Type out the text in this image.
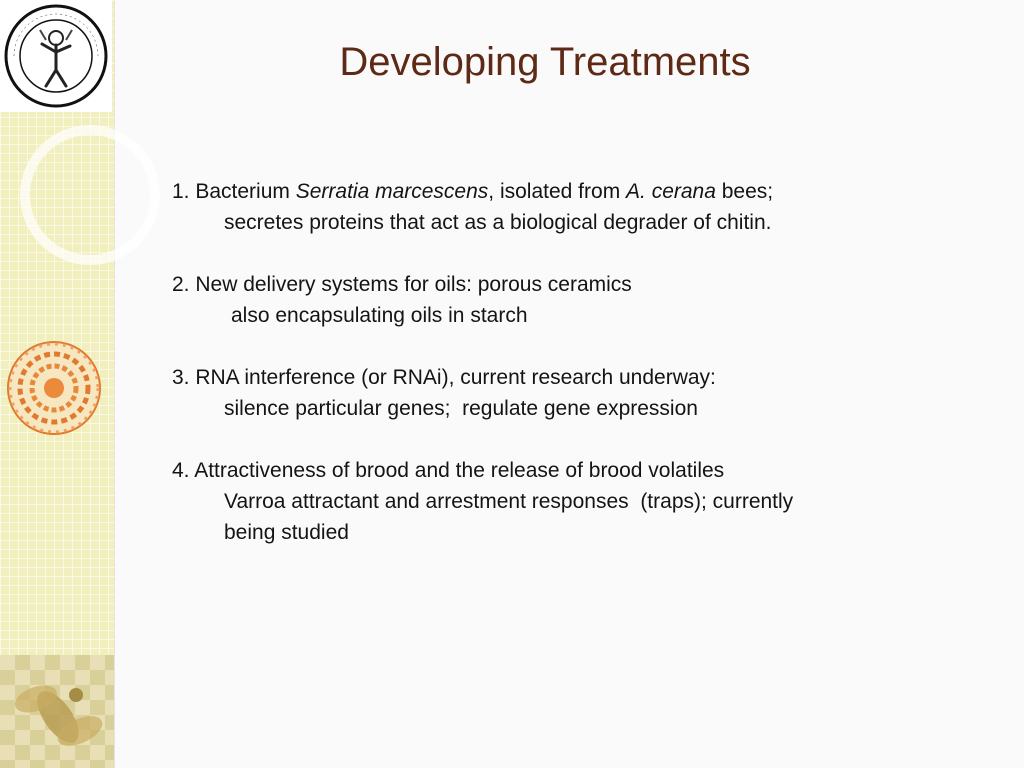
Developing Treatments
1. Bacterium Serratia marcescens, isolated from A. cerana bees;
secretes proteins that act as a biological degrader of chitin.
2. New delivery systems for oils: porous ceramics
also encapsulating oils in starch
3. RNA interference (or RNAi), current research underway:
silence particular genes;  regulate gene expression
4. Attractiveness of brood and the release of brood volatiles
Varroa attractant and arrestment responses  (traps); currently
being studied
